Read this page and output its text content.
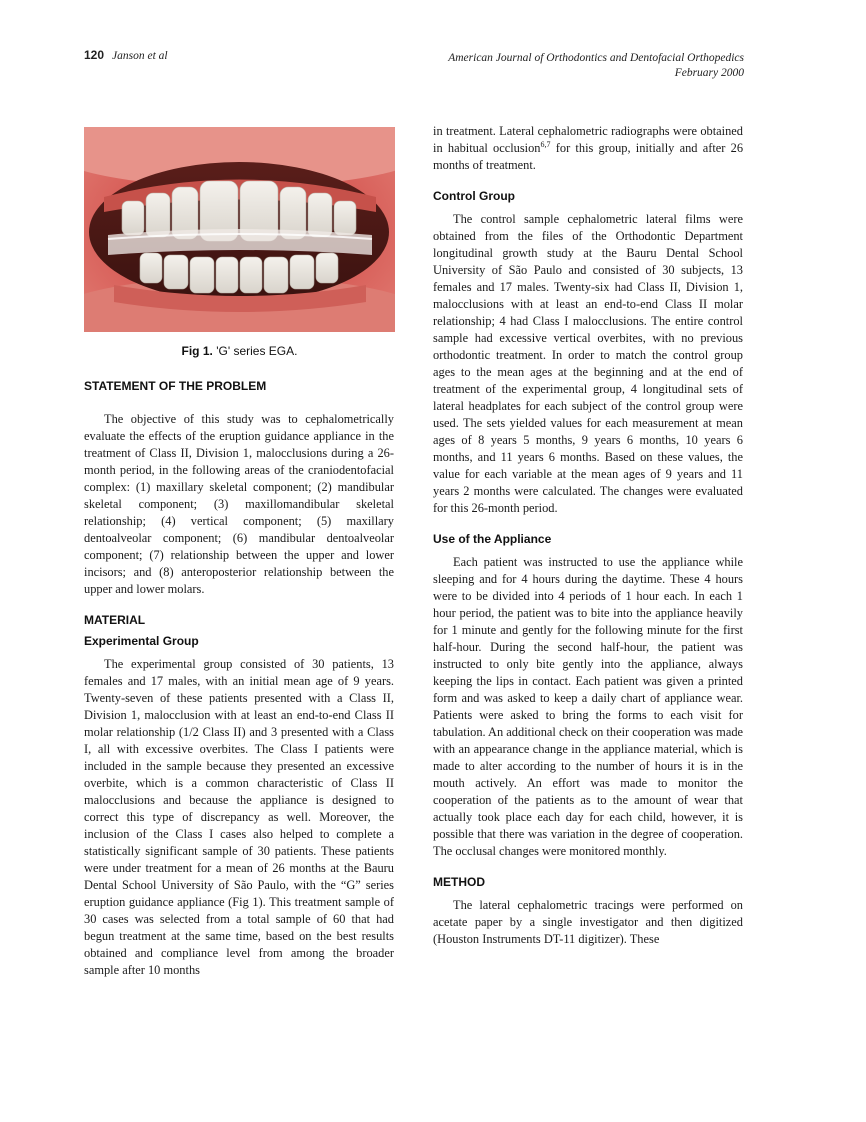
120 Janson et al	American Journal of Orthodontics and Dentofacial Orthopedics
February 2000
Fig 1. 'G' series EGA.
STATEMENT OF THE PROBLEM

The objective of this study was to cephalometrically evaluate the effects of the eruption guidance appliance in the treatment of Class II, Division 1, malocclusions during a 26-month period, in the following areas of the craniodentofacial complex: (1) maxillary skeletal component; (2) mandibular skeletal component; (3) maxillomandibular skeletal relationship; (4) vertical component; (5) maxillary dentoalveolar component; (6) mandibular dentoalveolar component; (7) relationship between the upper and lower incisors; and (8) anteroposterior relationship between the upper and lower molars.

MATERIAL
Experimental Group

The experimental group consisted of 30 patients, 13 females and 17 males, with an initial mean age of 9 years. Twenty-seven of these patients presented with a Class II, Division 1, malocclusion with at least an end-to-end Class II molar relationship (1/2 Class II) and 3 presented with a Class I, all with excessive overbites. The Class I patients were included in the sample because they presented an excessive overbite, which is a common characteristic of Class II malocclusions and because the appliance is designed to correct this type of discrepancy as well. Moreover, the inclusion of the Class I cases also helped to complete a statistically significant sample of 30 patients. These patients were under treatment for a mean of 26 months at the Bauru Dental School University of São Paulo, with the “G” series eruption guidance appliance (Fig 1). This treatment sample of 30 cases was selected from a total sample of 60 that had begun treatment at the same time, based on the best results obtained and compliance level from among the broader sample after 10 months

in treatment. Lateral cephalometric radiographs were obtained in habitual occlusion$^{6,7}$ for this group, initially and after 26 months of treatment.

Control Group

The control sample cephalometric lateral films were obtained from the files of the Orthodontic Department longitudinal growth study at the Bauru Dental School University of São Paulo and consisted of 30 subjects, 13 females and 17 males. Twenty-six had Class II, Division 1, malocclusions with at least an end-to-end Class II molar relationship; 4 had Class I malocclusions. The entire control sample had excessive vertical overbites, with no previous orthodontic treatment. In order to match the control group ages to the mean ages at the beginning and at the end of treatment of the experimental group, 4 longitudinal sets of lateral headplates for each subject of the control group were used. The sets yielded values for each measurement at mean ages of 8 years 5 months, 9 years 6 months, 10 years 6 months, and 11 years 6 months. Based on these values, the value for each variable at the mean ages of 9 years and 11 years 2 months were calculated. The changes were evaluated for this 26-month period.

Use of the Appliance

Each patient was instructed to use the appliance while sleeping and for 4 hours during the daytime. These 4 hours were to be divided into 4 periods of 1 hour each. In each 1 hour period, the patient was to bite into the appliance heavily for 1 minute and gently for the following minute for the first half-hour. During the second half-hour, the patient was instructed to only bite gently into the appliance, always keeping the lips in contact. Each patient was given a printed form and was asked to keep a daily chart of appliance wear. Patients were asked to bring the forms to each visit for tabulation. An additional check on their cooperation was made with an appearance change in the appliance material, which is made to alter according to the number of hours it is in the mouth actively. An effort was made to monitor the cooperation of the patients as to the amount of wear that actually took place each day for each child, however, it is possible that there was variation in the degree of cooperation. The occlusal changes were monitored monthly.

METHOD

The lateral cephalometric tracings were performed on acetate paper by a single investigator and then digitized (Houston Instruments DT-11 digitizer). These
